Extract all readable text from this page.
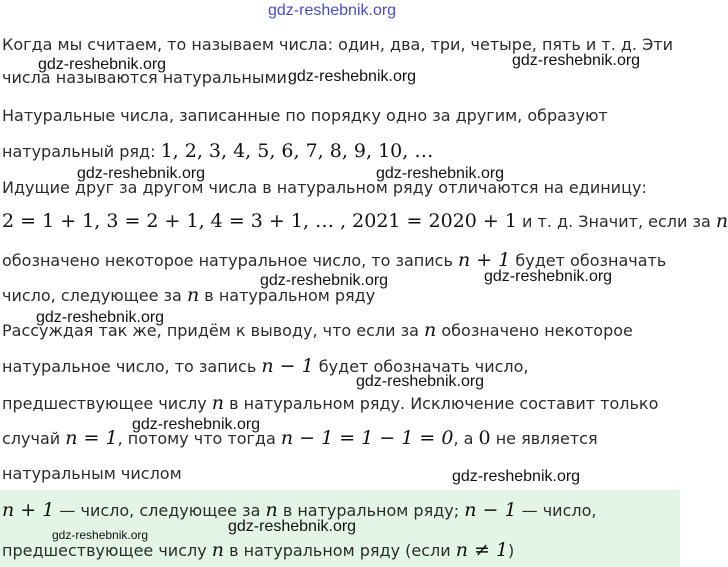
gdz-reshebnik.org
gdz-reshebnik.org	gdz-reshebnik.org
gdz-reshebnik.org
gdz-reshebnik.org	gdz-reshebnik.org
gdz-reshebnik.org	gdz-reshebnik.org
gdz-reshebnik.org
gdz-reshebnik.org
gdz-reshebnik.org
gdz-reshebnik.org
gdz-reshebnik.org
gdz-reshebnik.org
Когда мы считаем, то называем числа: один, два, три, четыре, пять и т. д. Эти
числа называются натуральными.
Натуральные числа, записанные по порядку одно за другим, образуют
натуральный ряд: 1, 2, 3, 4, 5, 6, 7, 8, 9, 10, …
Идущие друг за другом числа в натуральном ряду отличаются на единицу:
2 = 1 + 1, 3 = 2 + 1, 4 = 3 + 1, … , 2021 = 2020 + 1 и т. д. Значит, если за n
обозначено некоторое натуральное число, то запись n + 1 будет обозначать
число, следующее за n в натуральном ряду
Рассуждая так же, придём к выводу, что если за n обозначено некоторое
натуральное число, то запись n − 1 будет обозначать число,
предшествующее числу n в натуральном ряду. Исключение составит только
случай n = 1, потому что тогда n − 1 = 1 − 1 = 0, а 0 не является
натуральным числом
n + 1 — число, следующее за n в натуральном ряду; n − 1 — число,
предшествующее числу n в натуральном ряду (если n ≠ 1)
